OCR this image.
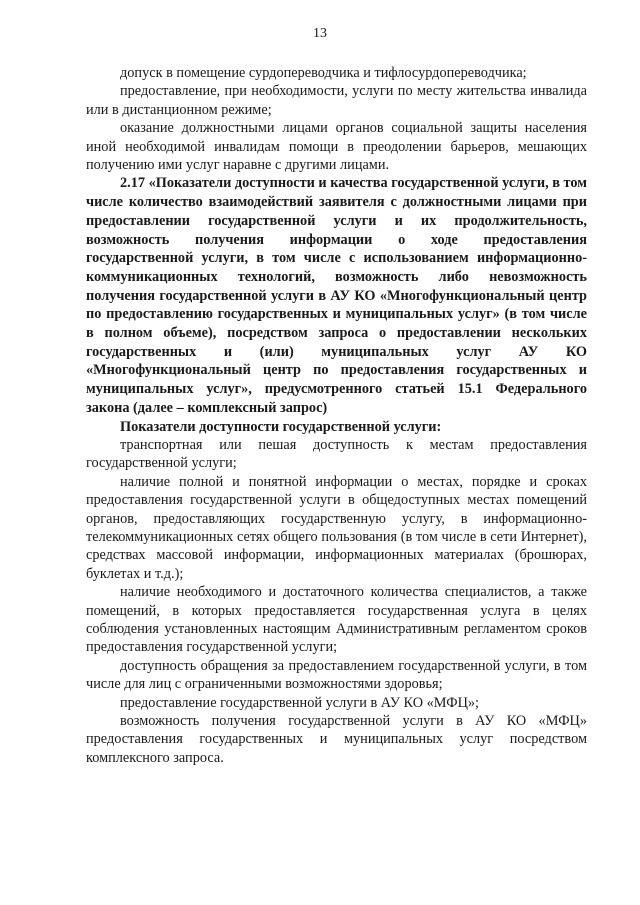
13

допуск в помещение сурдопереводчика и тифлосурдопереводчика;

предоставление, при необходимости, услуги по месту жительства инвалида или в дистанционном режиме;

оказание должностными лицами органов социальной защиты населения иной необходимой инвалидам помощи в преодолении барьеров, мешающих получению ими услуг наравне с другими лицами.

2.17 «Показатели доступности и качества государственной услуги, в том числе количество взаимодействий заявителя с должностными лицами при предоставлении государственной услуги и их продолжительность, возможность получения информации о ходе предоставления государственной услуги, в том числе с использованием информационно-коммуникационных технологий, возможность либо невозможность получения государственной услуги в АУ КО «Многофункциональный центр по предоставлению государственных и муниципальных услуг» (в том числе в полном объеме), посредством запроса о предоставлении нескольких государственных и (или) муниципальных услуг АУ КО «Многофункциональный центр по предоставления государственных и муниципальных услуг», предусмотренного статьей 15.1 Федерального закона (далее – комплексный запрос)

Показатели доступности государственной услуги:

транспортная или пешая доступность к местам предоставления государственной услуги;

наличие полной и понятной информации о местах, порядке и сроках предоставления государственной услуги в общедоступных местах помещений органов, предоставляющих государственную услугу, в информационно-телекоммуникационных сетях общего пользования (в том числе в сети Интернет), средствах массовой информации, информационных материалах (брошюрах, буклетах и т.д.);

наличие необходимого и достаточного количества специалистов, а также помещений, в которых предоставляется государственная услуга в целях соблюдения установленных настоящим Административным регламентом сроков предоставления государственной услуги;

доступность обращения за предоставлением государственной услуги, в том числе для лиц с ограниченными возможностями здоровья;

предоставление государственной услуги в АУ КО «МФЦ»;

возможность получения государственной услуги в АУ КО «МФЦ» предоставления государственных и муниципальных услуг посредством комплексного запроса.
